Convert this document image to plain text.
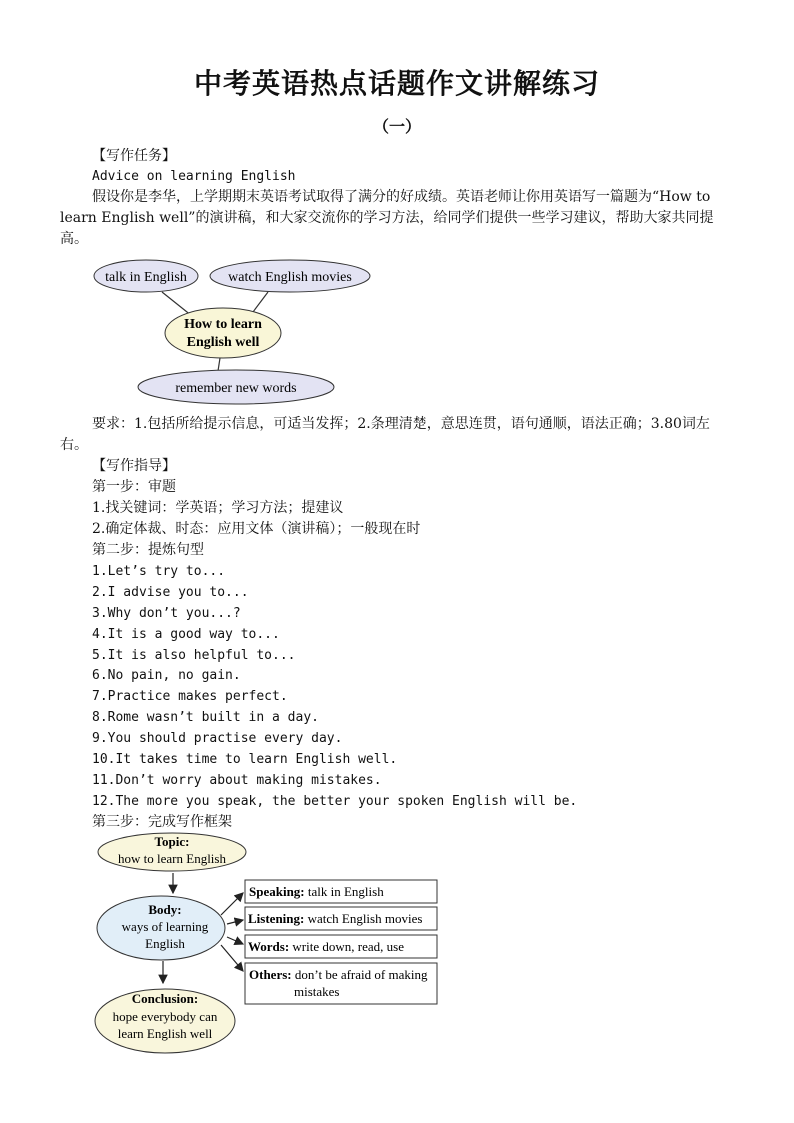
中考英语热点话题作文讲解练习
（一）
【写作任务】
Advice on learning English
假设你是李华，上学期期末英语考试取得了满分的好成绩。英语老师让你用英语写一篇题为“How to learn English well”的演讲稿，和大家交流你的学习方法，给同学们提供一些学习建议，帮助大家共同提高。
talk in English	watch English movies
How to learn
English well
remember new words
要求：1.包括所给提示信息，可适当发挥；2.条理清楚，意思连贯，语句通顺，语法正确；3.80词左右。
【写作指导】
第一步：审题
1.找关键词：学英语；学习方法；提建议
2.确定体裁、时态：应用文体（演讲稿）；一般现在时
第二步：提炼句型
1.Let’s try to...
2.I advise you to...
3.Why don’t you...?
4.It is a good way to...
5.It is also helpful to...
6.No pain, no gain.
7.Practice makes perfect.
8.Rome wasn’t built in a day.
9.You should practise every day.
10.It takes time to learn English well.
11.Don’t worry about making mistakes.
12.The more you speak, the better your spoken English will be.
第三步：完成写作框架
Topic:
how to learn English
Body:
ways of learning
English
Conclusion:
hope everybody can
learn English well
Speaking: talk in English
Listening: watch English movies
Words: write down, read, use
Others: don’t be afraid of making
mistakes
